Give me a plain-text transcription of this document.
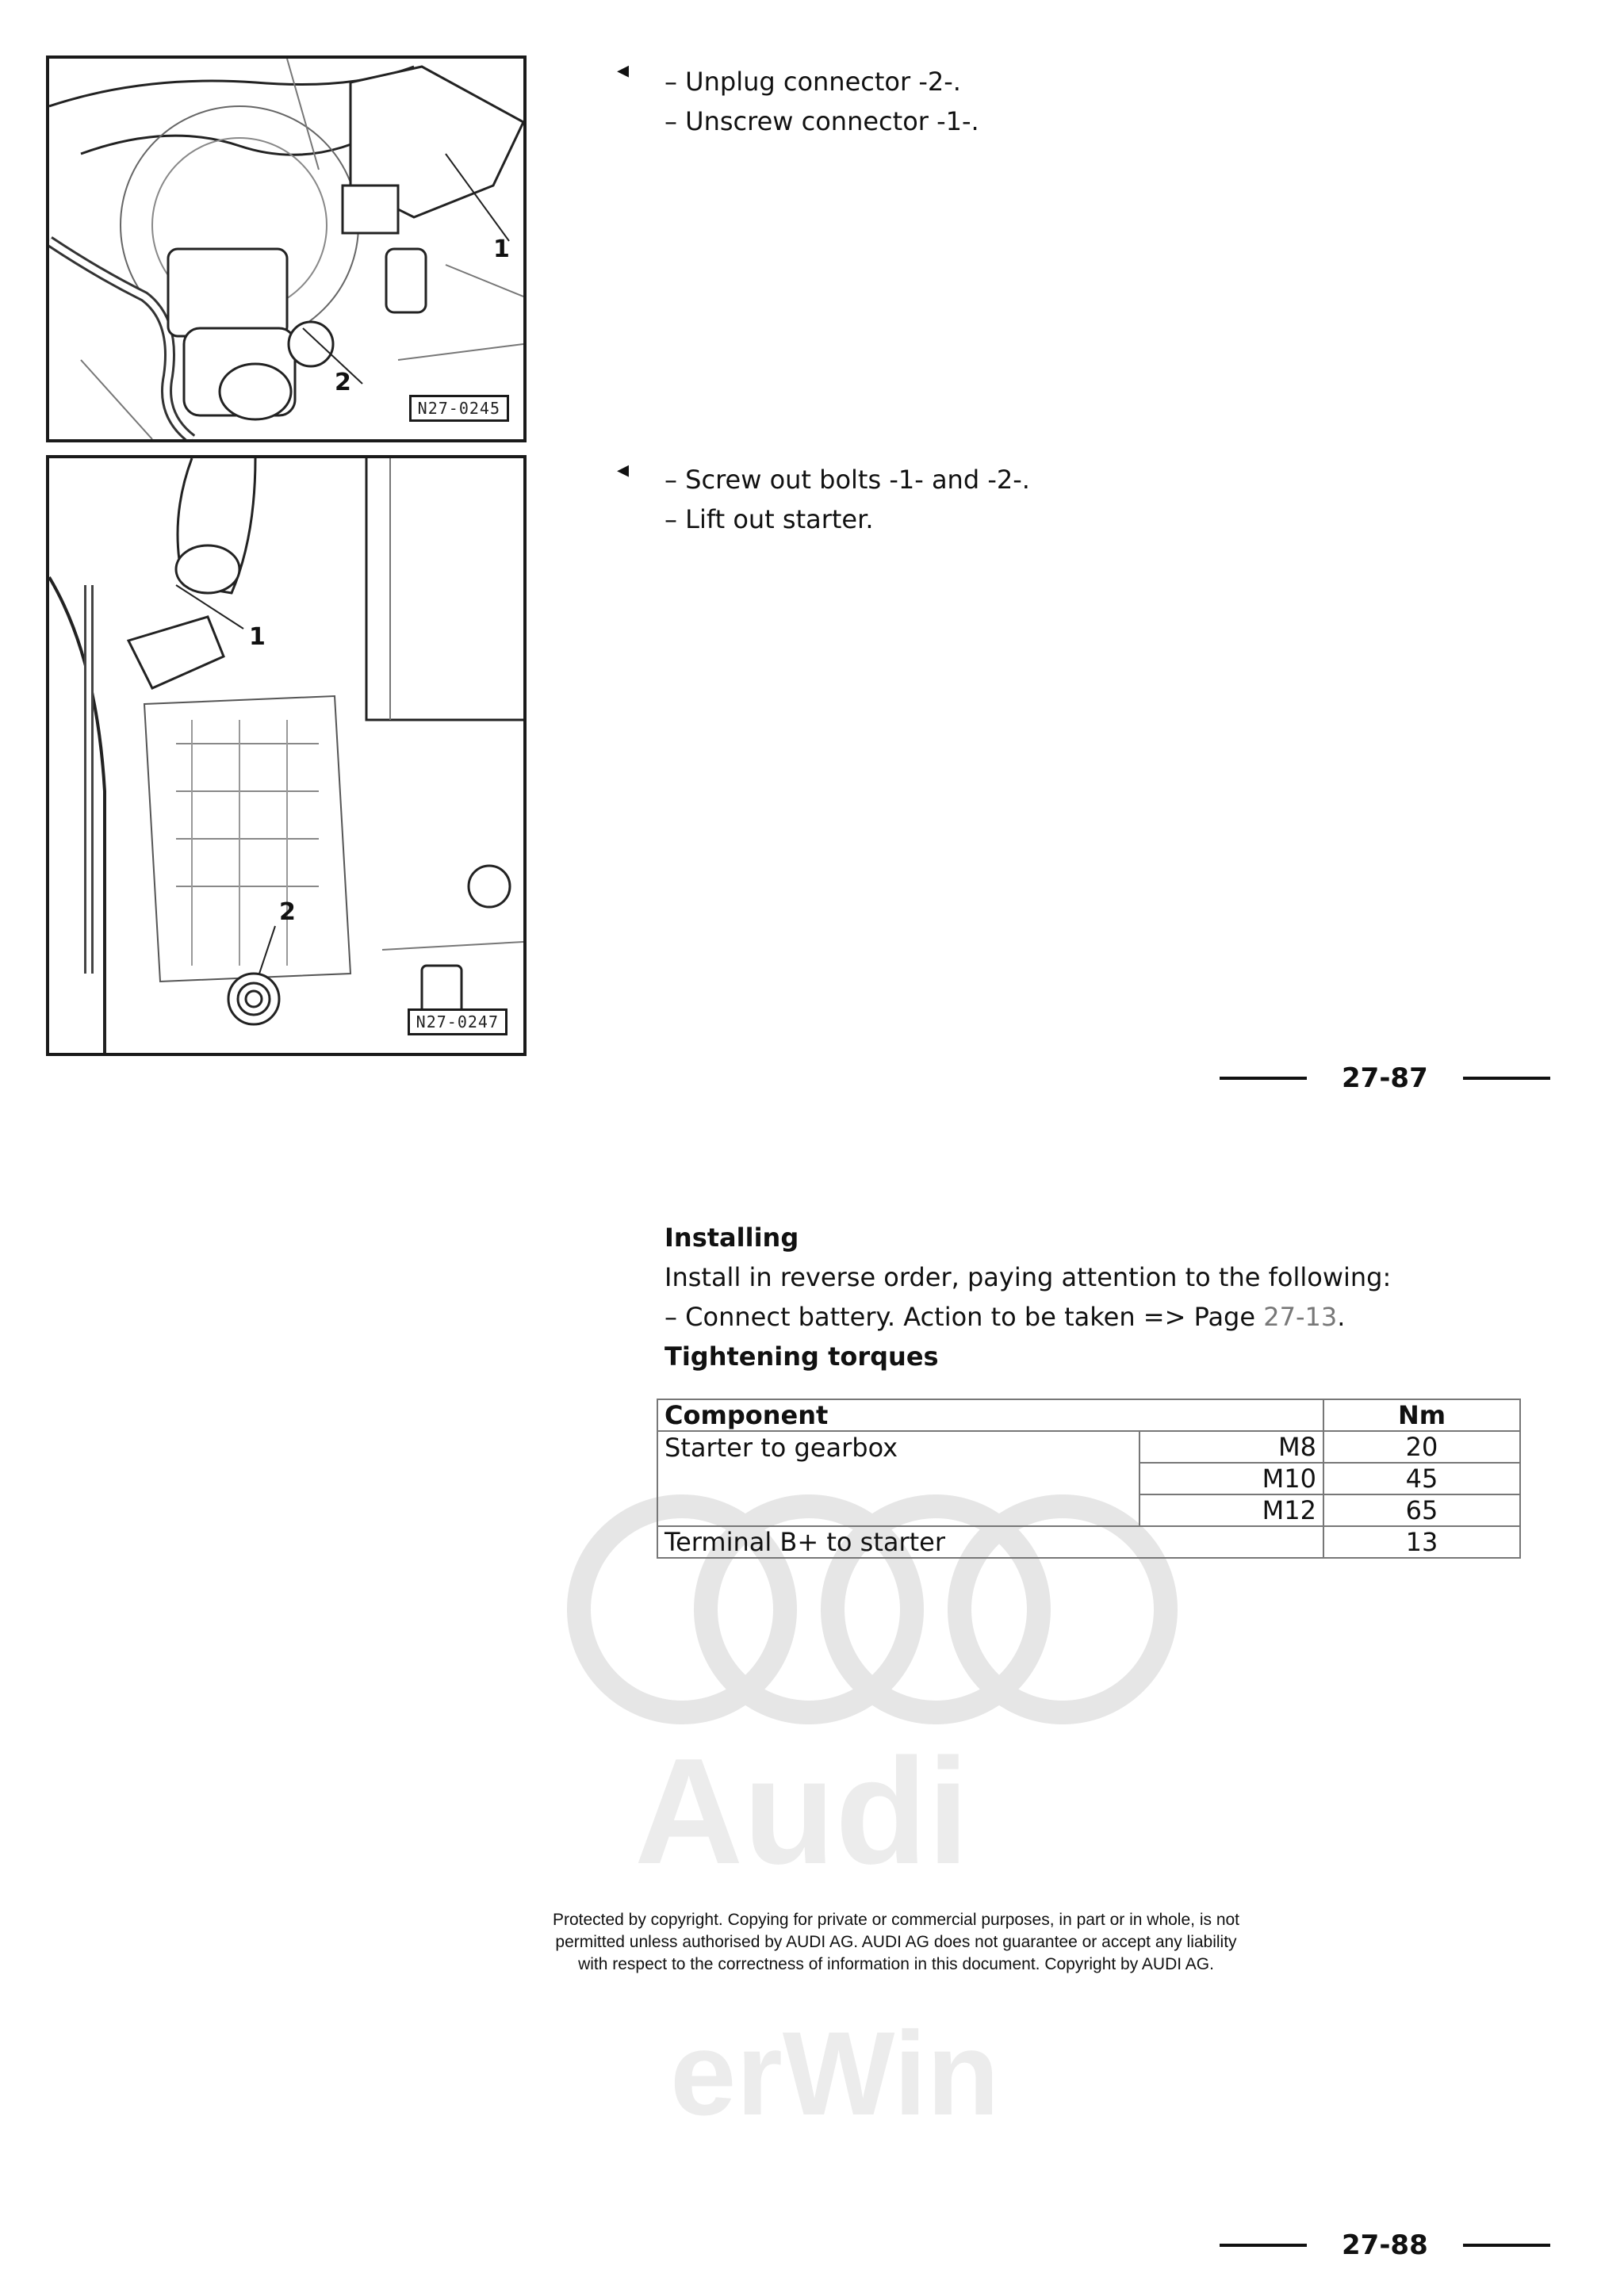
1
2
N27-0245
1
2
N27-0247
◂ – Unplug connector -2-.
– Unscrew connector -1-.
◂ – Screw out bolts -1- and -2-.
– Lift out starter.
27-87
Installing
Install in reverse order, paying attention to the following:
– Connect battery. Action to be taken => Page 27-13.
Tightening torques
Audi
erWin
Component		Nm
Starter to gearbox	M8	20
	M10	45
	M12	65
Terminal B+ to starter		13
Protected by copyright. Copying for private or commercial purposes, in part or in whole, is not
permitted unless authorised by AUDI AG. AUDI AG does not guarantee or accept any liability
with respect to the correctness of information in this document. Copyright by AUDI AG.
27-88
